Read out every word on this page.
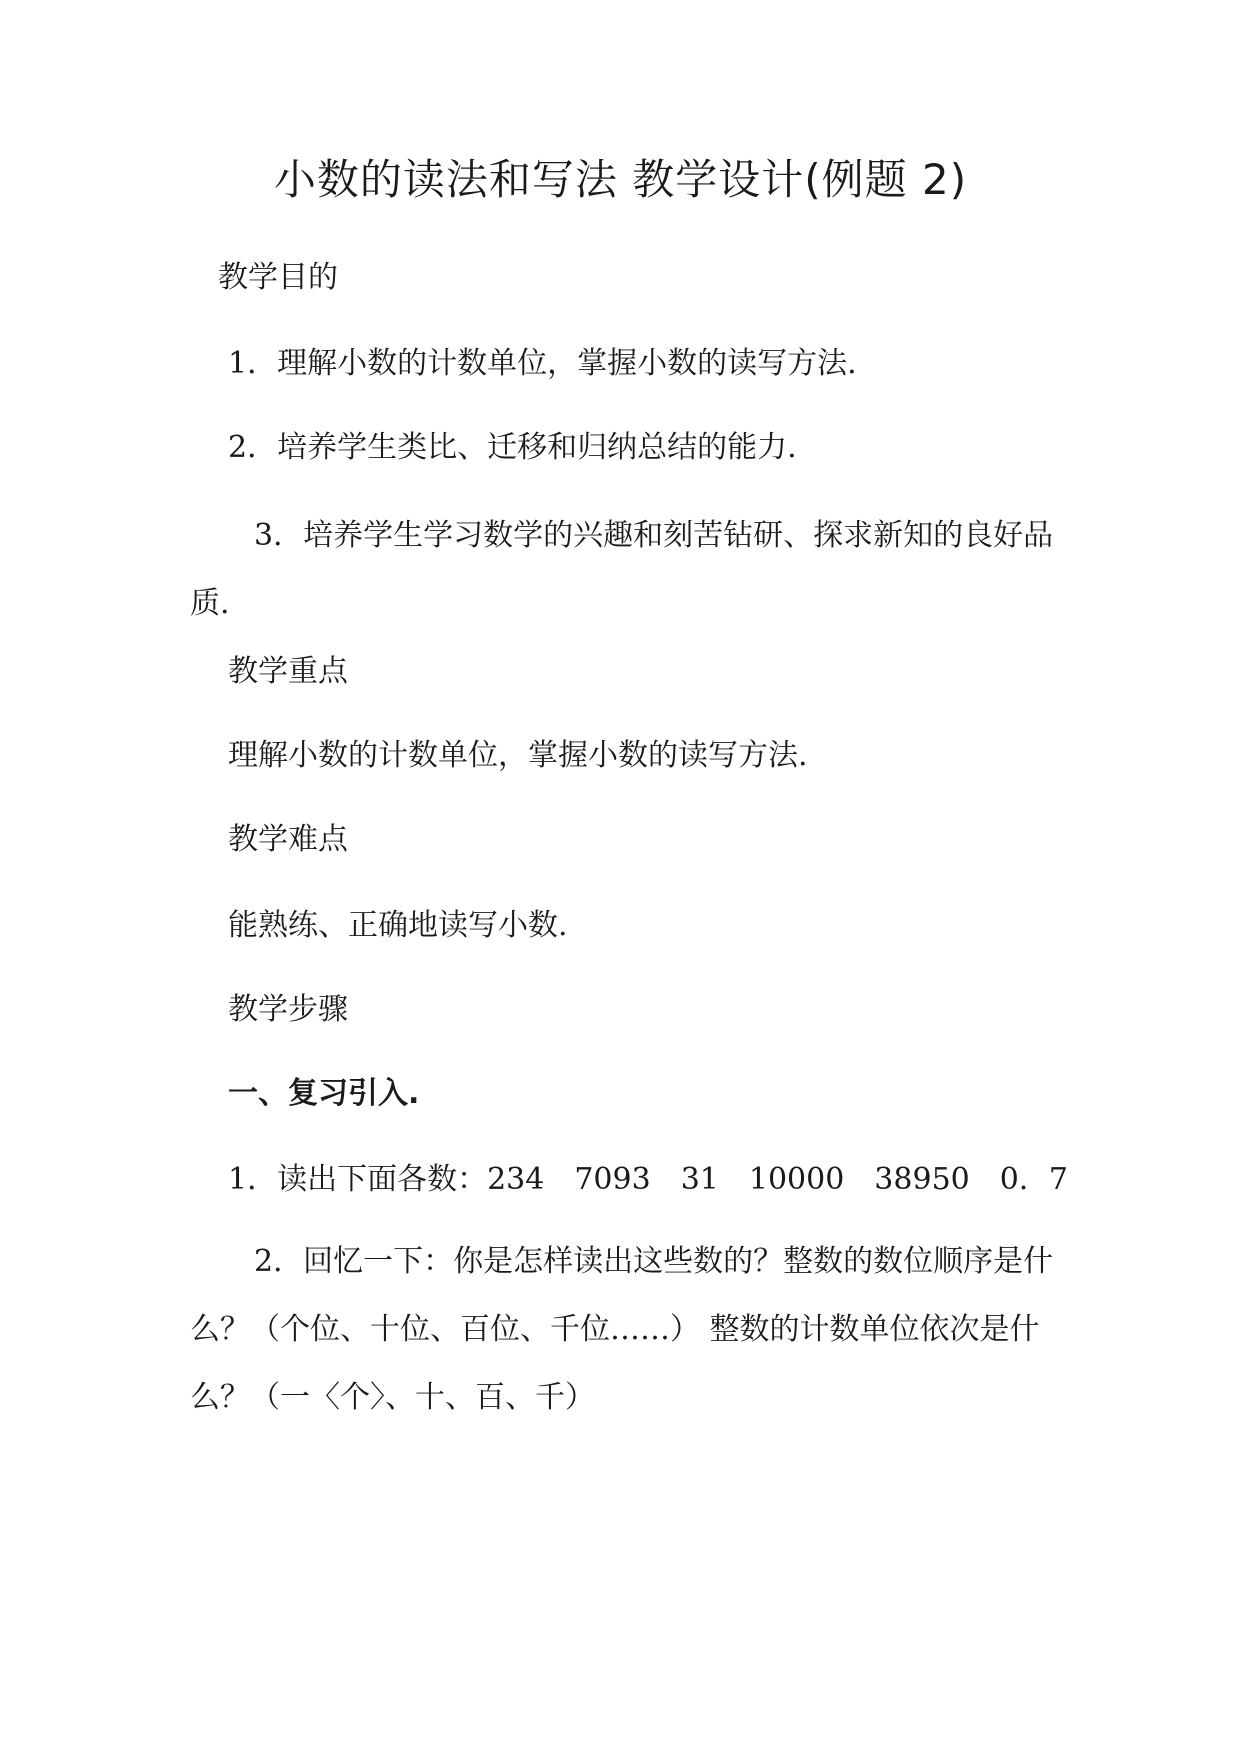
小数的读法和写法 教学设计(例题 2)

教学目的

1．理解小数的计数单位，掌握小数的读写方法.

2．培养学生类比、迁移和归纳总结的能力.

3．培养学生学习数学的兴趣和刻苦钻研、探求新知的良好品质.

教学重点

理解小数的计数单位，掌握小数的读写方法.

教学难点

能熟练、正确地读写小数.

教学步骤

一、复习引入.

1．读出下面各数：234　7093　31　10000　38950　0．7

2．回忆一下：你是怎样读出这些数的？整数的数位顺序是什么？（个位、十位、百位、千位……） 整数的计数单位依次是什么？（一〈个〉、十、百、千）
